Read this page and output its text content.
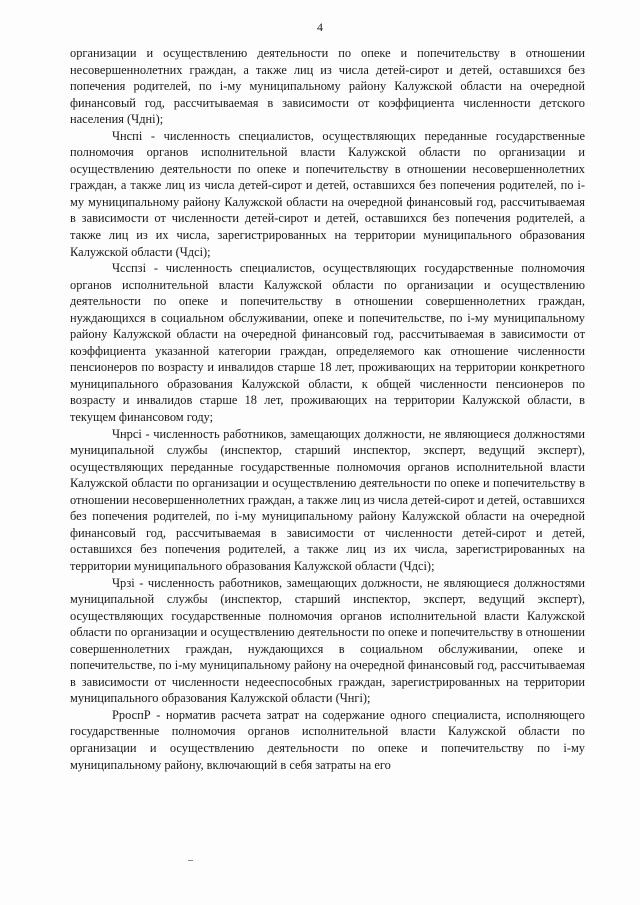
4

организации и осуществлению деятельности по опеке и попечительству в отношении несовершеннолетних граждан, а также лиц из числа детей-сирот и детей, оставшихся без попечения родителей, по i-му муниципальному району Калужской области на очередной финансовый год, рассчитываемая в зависимости от коэффициента численности детского населения (Чдні);

Чнспі - численность специалистов, осуществляющих переданные государственные полномочия органов исполнительной власти Калужской области по организации и осуществлению деятельности по опеке и попечительству в отношении несовершеннолетних граждан, а также лиц из числа детей-сирот и детей, оставшихся без попечения родителей, по i-му муниципальному району Калужской области на очередной финансовый год, рассчитываемая в зависимости от численности детей-сирот и детей, оставшихся без попечения родителей, а также лиц из их числа, зарегистрированных на территории муниципального образования Калужской области (Чдсі);

Чсспзі - численность специалистов, осуществляющих государственные полномочия органов исполнительной власти Калужской области по организации и осуществлению деятельности по опеке и попечительству в отношении совершеннолетних граждан, нуждающихся в социальном обслуживании, опеке и попечительстве, по i-му муниципальному району Калужской области на очередной финансовый год, рассчитываемая в зависимости от коэффициента указанной категории граждан, определяемого как отношение численности пенсионеров по возрасту и инвалидов старше 18 лет, проживающих на территории конкретного муниципального образования Калужской области, к общей численности пенсионеров по возрасту и инвалидов старше 18 лет, проживающих на территории Калужской области, в текущем финансовом году;

Чнрсі - численность работников, замещающих должности, не являющиеся должностями муниципальной службы (инспектор, старший инспектор, эксперт, ведущий эксперт), осуществляющих переданные государственные полномочия органов исполнительной власти Калужской области по организации и осуществлению деятельности по опеке и попечительству в отношении несовершеннолетних граждан, а также лиц из числа детей-сирот и детей, оставшихся без попечения родителей, по i-му муниципальному району Калужской области на очередной финансовый год, рассчитываемая в зависимости от численности детей-сирот и детей, оставшихся без попечения родителей, а также лиц из их числа, зарегистрированных на территории муниципального образования Калужской области (Чдсі);

Чрзі - численность работников, замещающих должности, не являющиеся должностями муниципальной службы (инспектор, старший инспектор, эксперт, ведущий эксперт), осуществляющих государственные полномочия органов исполнительной власти Калужской области по организации и осуществлению деятельности по опеке и попечительству в отношении совершеннолетних граждан, нуждающихся в социальном обслуживании, опеке и попечительстве, по i-му муниципальному району на очередной финансовый год, рассчитываемая в зависимости от численности недееспособных граждан, зарегистрированных на территории муниципального образования Калужской области (Чнгі);

РроспР - норматив расчета затрат на содержание одного специалиста, исполняющего государственные полномочия органов исполнительной власти Калужской области по организации и осуществлению деятельности по опеке и попечительству по i-му муниципальному району, включающий в себя затраты на его
